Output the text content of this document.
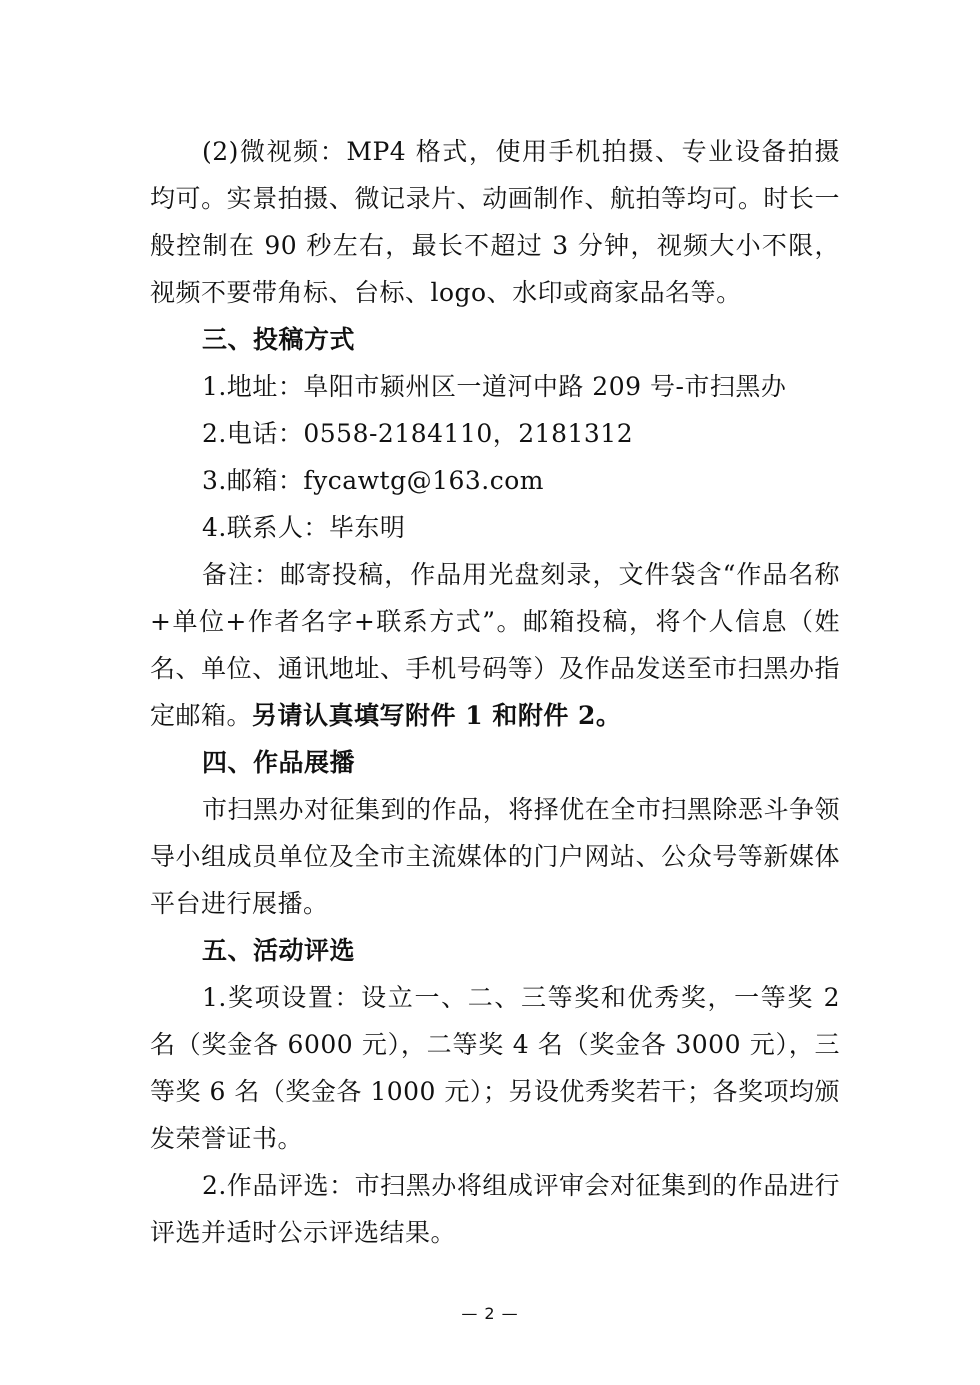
(2)微视频：MP4 格式，使用手机拍摄、专业设备拍摄均可。实景拍摄、微记录片、动画制作、航拍等均可。时长一般控制在 90 秒左右，最长不超过 3 分钟，视频大小不限，视频不要带角标、台标、logo、水印或商家品名等。

三、投稿方式

1.地址：阜阳市颍州区一道河中路 209 号-市扫黑办

2.电话：0558-2184110，2181312

3.邮箱：fycawtg@163.com

4.联系人：毕东明

备注：邮寄投稿，作品用光盘刻录，文件袋含“作品名称+单位+作者名字+联系方式”。邮箱投稿，将个人信息（姓名、单位、通讯地址、手机号码等）及作品发送至市扫黑办指定邮箱。另请认真填写附件 1 和附件 2。

四、作品展播

市扫黑办对征集到的作品，将择优在全市扫黑除恶斗争领导小组成员单位及全市主流媒体的门户网站、公众号等新媒体平台进行展播。

五、活动评选

1.奖项设置：设立一、二、三等奖和优秀奖，一等奖 2 名（奖金各 6000 元），二等奖 4 名（奖金各 3000 元），三等奖 6 名（奖金各 1000 元）；另设优秀奖若干；各奖项均颁发荣誉证书。

2.作品评选：市扫黑办将组成评审会对征集到的作品进行评选并适时公示评选结果。

— 2 —
